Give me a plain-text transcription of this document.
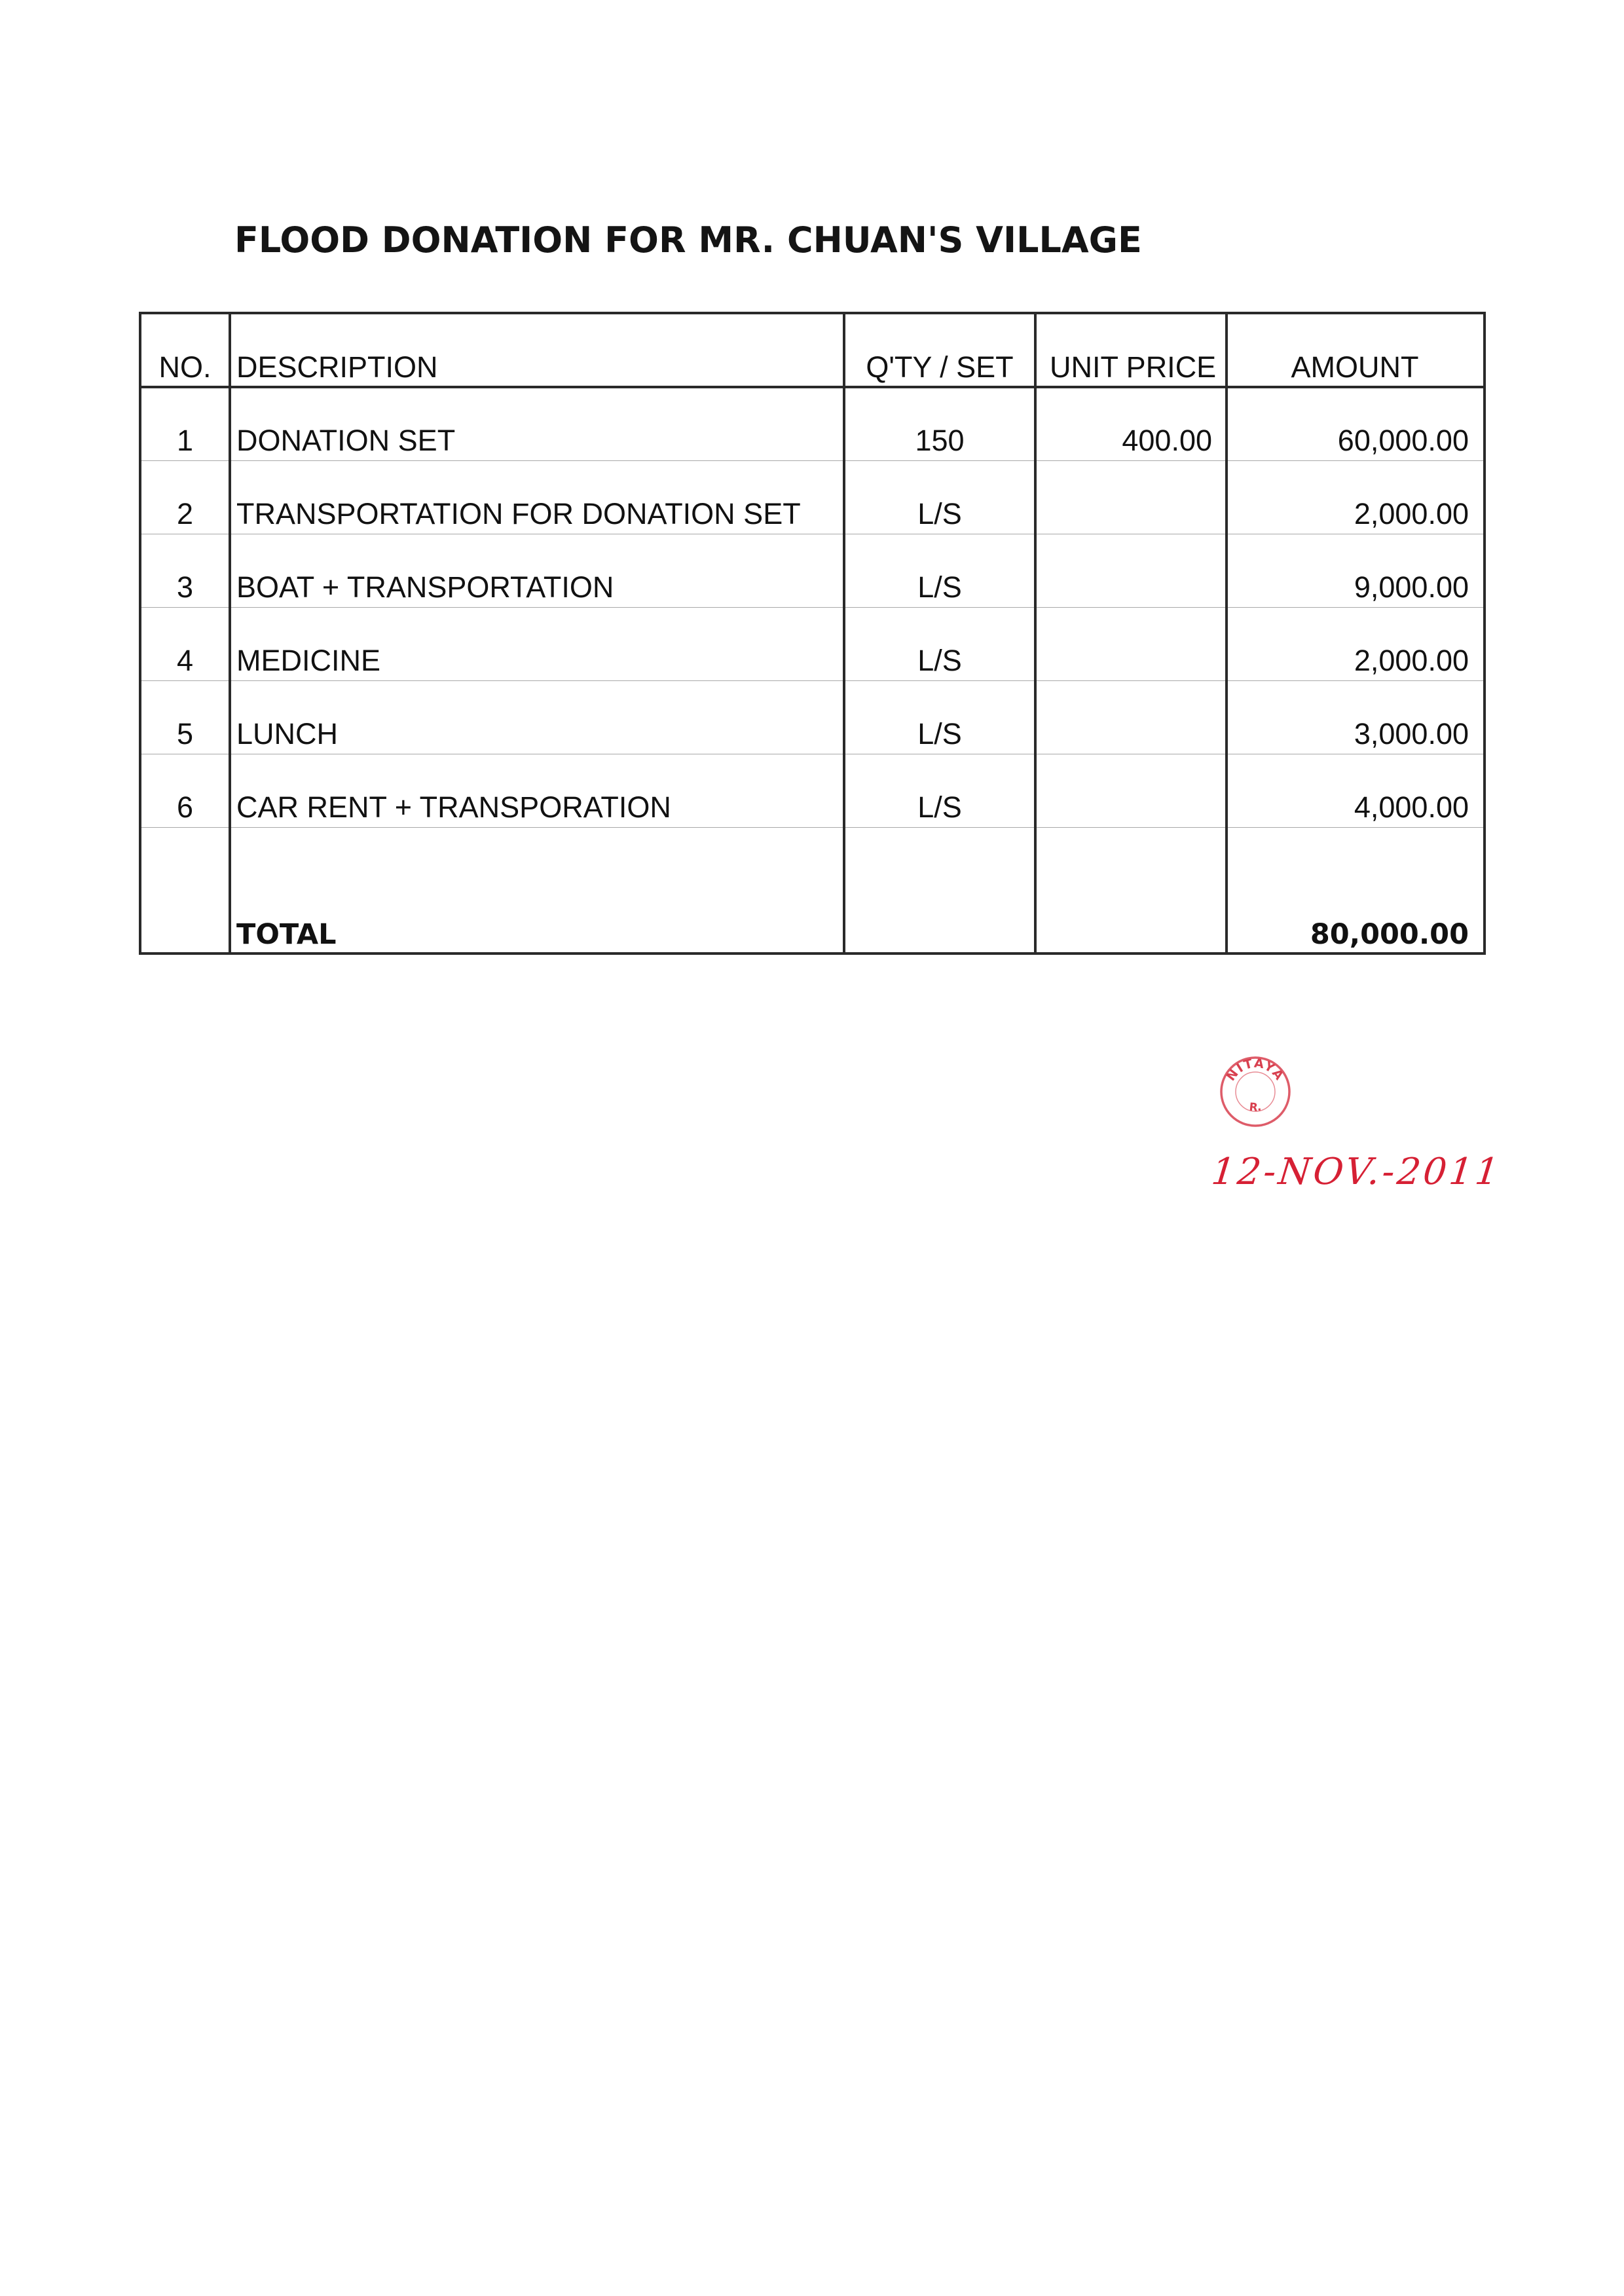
FLOOD DONATION FOR MR. CHUAN'S VILLAGE
NO.	DESCRIPTION	Q'TY / SET	UNIT PRICE	AMOUNT
1	DONATION SET	150	400.00	60,000.00
2	TRANSPORTATION FOR DONATION SET	L/S		2,000.00
3	BOAT + TRANSPORTATION	L/S		9,000.00
4	MEDICINE	L/S		2,000.00
5	LUNCH	L/S		3,000.00
6	CAR RENT + TRANSPORATION	L/S		4,000.00
	TOTAL			80,000.00
NITAYA
R.
12-NOV.-2011
